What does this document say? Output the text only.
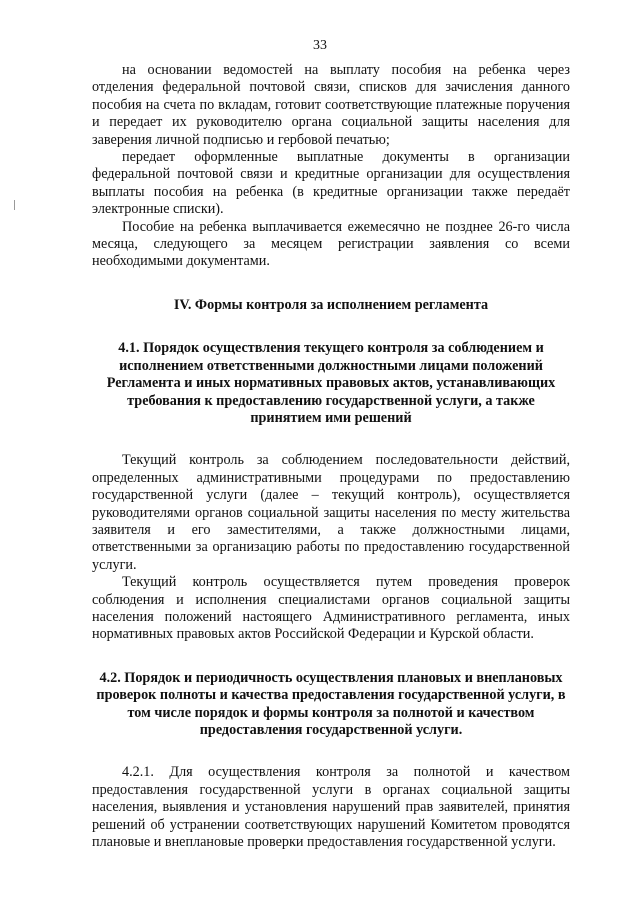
33

на основании ведомостей на выплату пособия на ребенка через отделения федеральной почтовой связи, списков для зачисления данного пособия на счета по вкладам, готовит соответствующие платежные поручения и передает их руководителю органа социальной защиты населения для заверения личной подписью и гербовой печатью;

передает оформленные выплатные документы в организации федеральной почтовой связи и кредитные организации для осуществления выплаты пособия на ребенка (в кредитные организации также передаёт электронные списки).

Пособие на ребенка выплачивается ежемесячно не позднее 26-го числа месяца, следующего за месяцем регистрации заявления со всеми необходимыми документами.

IV. Формы контроля за исполнением регламента
4.1. Порядок осуществления текущего контроля за соблюдением и исполнением ответственными должностными лицами положений Регламента и иных нормативных правовых актов, устанавливающих требования к предоставлению государственной услуги, а также принятием ими решений

Текущий контроль за соблюдением последовательности действий, определенных административными процедурами по предоставлению государственной услуги (далее – текущий контроль), осуществляется руководителями органов социальной защиты населения по месту жительства заявителя и его заместителями, а также должностными лицами, ответственными за организацию работы по предоставлению государственной услуги.

Текущий контроль осуществляется путем проведения проверок соблюдения и исполнения специалистами органов социальной защиты населения положений настоящего Административного регламента, иных нормативных правовых актов Российской Федерации и Курской области.

4.2. Порядок и периодичность осуществления плановых и внеплановых проверок полноты и качества предоставления государственной услуги, в том числе порядок и формы контроля за полнотой и качеством предоставления государственной услуги.

4.2.1. Для осуществления контроля за полнотой и качеством предоставления государственной услуги в органах социальной защиты населения, выявления и установления нарушений прав заявителей, принятия решений об устранении соответствующих нарушений Комитетом проводятся плановые и внеплановые проверки предоставления государственной услуги.
